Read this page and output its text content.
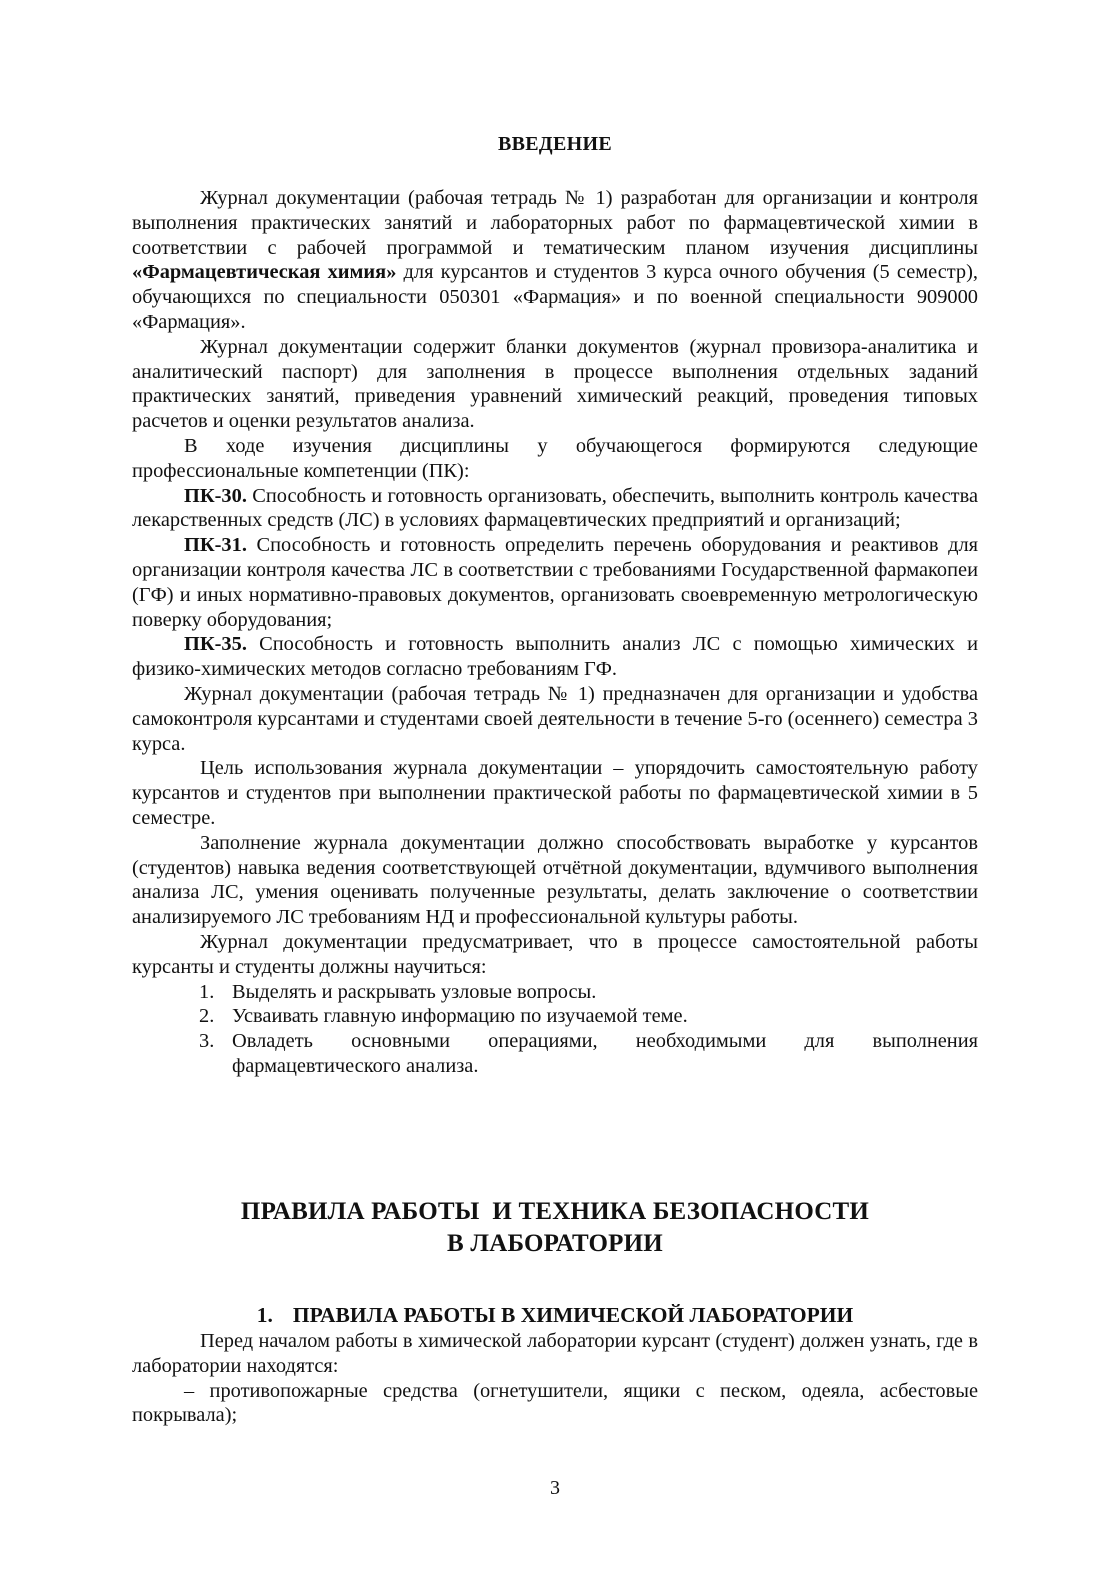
ВВЕДЕНИЕ

Журнал документации (рабочая тетрадь № 1) разработан для организации и контроля выполнения практических занятий и лабораторных работ по фармацевтической химии в соответствии с рабочей программой и тематическим планом изучения дисциплины «Фармацевтическая химия» для курсантов и студентов 3 курса очного обучения (5 семестр), обучающихся по специальности 050301 «Фармация» и по военной специальности 909000 «Фармация».

Журнал документации содержит бланки документов (журнал провизора-аналитика и аналитический паспорт) для заполнения в процессе выполнения отдельных заданий практических занятий, приведения уравнений химический реакций, проведения типовых расчетов и оценки результатов анализа.

В ходе изучения дисциплины у обучающегося формируются следующие профессиональные компетенции (ПК):

ПК-30. Способность и готовность организовать, обеспечить, выполнить контроль качества лекарственных средств (ЛС) в условиях фармацевтических предприятий и организаций;

ПК-31. Способность и готовность определить перечень оборудования и реактивов для организации контроля качества ЛС в соответствии с требованиями Государственной фармакопеи (ГФ) и иных нормативно-правовых документов, организовать своевременную метрологическую поверку оборудования;

ПК-35. Способность и готовность выполнить анализ ЛС с помощью химических и физико-химических методов согласно требованиям ГФ.

Журнал документации (рабочая тетрадь № 1) предназначен для организации и удобства самоконтроля курсантами и студентами своей деятельности в течение 5-го (осеннего) семестра 3 курса.

Цель использования журнала документации – упорядочить самостоятельную работу курсантов и студентов при выполнении практической работы по фармацевтической химии в 5 семестре.

Заполнение журнала документации должно способствовать выработке у курсантов (студентов) навыка ведения соответствующей отчётной документации, вдумчивого выполнения анализа ЛС, умения оценивать полученные результаты, делать заключение о соответствии анализируемого ЛС требованиям НД и профессиональной культуры работы.

Журнал документации предусматривает, что в процессе самостоятельной работы курсанты и студенты должны научиться:

1. Выделять и раскрывать узловые вопросы.
2. Усваивать главную информацию по изучаемой теме.
3. Овладеть основными операциями, необходимыми для выполнения фармацевтического анализа.
ПРАВИЛА РАБОТЫ  И ТЕХНИКА БЕЗОПАСНОСТИ
В ЛАБОРАТОРИИ
1. ПРАВИЛА РАБОТЫ В ХИМИЧЕСКОЙ ЛАБОРАТОРИИ

Перед началом работы в химической лаборатории курсант (студент) должен узнать, где в лаборатории находятся:

– противопожарные средства (огнетушители, ящики с песком, одеяла, асбестовые покрывала);

3
